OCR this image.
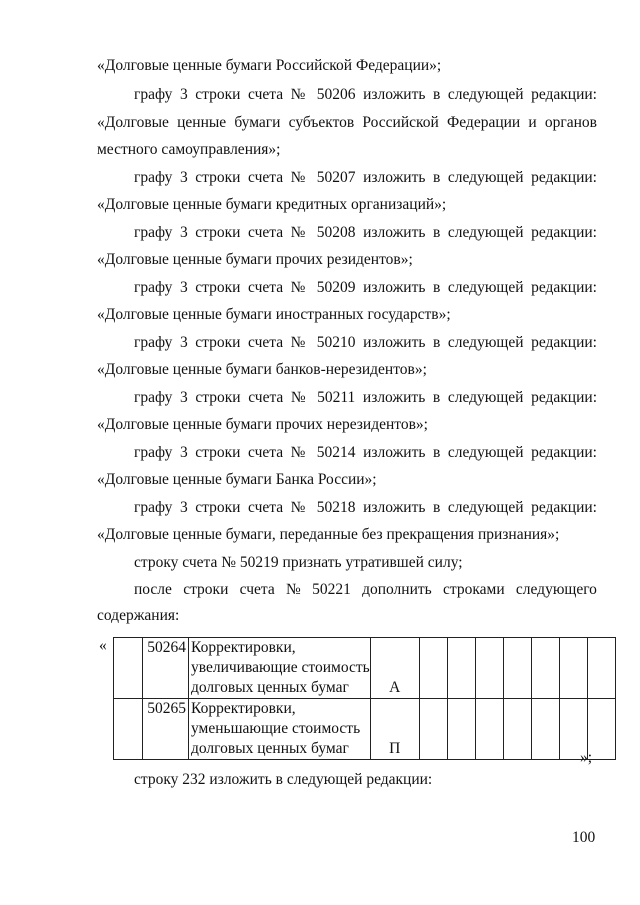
«Долговые ценные бумаги Российской Федерации»;
графу 3 строки счета № 50206 изложить в следующей редакции:
«Долговые ценные бумаги субъектов Российской Федерации и органов
местного самоуправления»;
графу 3 строки счета № 50207 изложить в следующей редакции:
«Долговые ценные бумаги кредитных организаций»;
графу 3 строки счета № 50208 изложить в следующей редакции:
«Долговые ценные бумаги прочих резидентов»;
графу 3 строки счета № 50209 изложить в следующей редакции:
«Долговые ценные бумаги иностранных государств»;
графу 3 строки счета № 50210 изложить в следующей редакции:
«Долговые ценные бумаги банков-нерезидентов»;
графу 3 строки счета № 50211 изложить в следующей редакции:
«Долговые ценные бумаги прочих нерезидентов»;
графу 3 строки счета № 50214 изложить в следующей редакции:
«Долговые ценные бумаги Банка России»;
графу 3 строки счета № 50218 изложить в следующей редакции:
«Долговые ценные бумаги, переданные без прекращения признания»;
строку счета № 50219 признать утратившей силу;
после строки счета № 50221 дополнить строками следующего
содержания:
«
		50264	Корректировки,
увеличивающие стоимость
долговых ценных бумаг	А							
	50265	Корректировки,
уменьшающие стоимость
долговых ценных бумаг	П							
»;
строку 232 изложить в следующей редакции:
100
